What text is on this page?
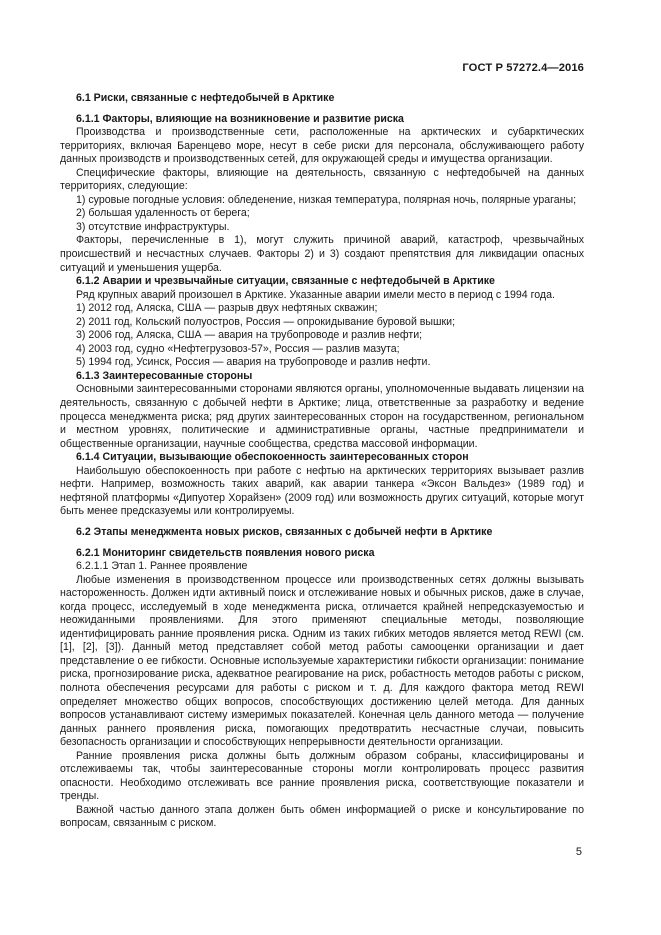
ГОСТ Р 57272.4—2016
6.1 Риски, связанные с нефтедобычей в Арктике
6.1.1 Факторы, влияющие на возникновение и развитие риска

Производства и производственные сети, расположенные на арктических и субарктических территориях, включая Баренцево море, несут в себе риски для персонала, обслуживающего работу данных производств и производственных сетей, для окружающей среды и имущества организации.

Специфические факторы, влияющие на деятельность, связанную с нефтедобычей на данных территориях, следующие:

1) суровые погодные условия: обледенение, низкая температура, полярная ночь, полярные ураганы;

2) большая удаленность от берега;

3) отсутствие инфраструктуры.

Факторы, перечисленные в 1), могут служить причиной аварий, катастроф, чрезвычайных происшествий и несчастных случаев. Факторы 2) и 3) создают препятствия для ликвидации опасных ситуаций и уменьшения ущерба.

6.1.2 Аварии и чрезвычайные ситуации, связанные с нефтедобычей в Арктике

Ряд крупных аварий произошел в Арктике. Указанные аварии имели место в период с 1994 года.

1) 2012 год, Аляска, США — разрыв двух нефтяных скважин;

2) 2011 год, Кольский полуостров, Россия — опрокидывание буровой вышки;

3) 2006 год, Аляска, США — авария на трубопроводе и разлив нефти;

4) 2003 год, судно «Нефтегрузовоз-57», Россия — разлив мазута;

5) 1994 год, Усинск, Россия — авария на трубопроводе и разлив нефти.

6.1.3 Заинтересованные стороны

Основными заинтересованными сторонами являются органы, уполномоченные выдавать лицензии на деятельность, связанную с добычей нефти в Арктике; лица, ответственные за разработку и ведение процесса менеджмента риска; ряд других заинтересованных сторон на государственном, региональном и местном уровнях, политические и административные органы, частные предприниматели и общественные организации, научные сообщества, средства массовой информации.

6.1.4 Ситуации, вызывающие обеспокоенность заинтересованных сторон

Наибольшую обеспокоенность при работе с нефтью на арктических территориях вызывает разлив нефти. Например, возможность таких аварий, как аварии танкера «Эксон Вальдез» (1989 год) и нефтяной платформы «Дипуотер Хорайзен» (2009 год) или возможность других ситуаций, которые могут быть менее предсказуемы или контролируемы.

6.2 Этапы менеджмента новых рисков, связанных с добычей нефти в Арктике
6.2.1 Мониторинг свидетельств появления нового риска

6.2.1.1 Этап 1. Раннее проявление

Любые изменения в производственном процессе или производственных сетях должны вызывать настороженность. Должен идти активный поиск и отслеживание новых и обычных рисков, даже в случае, когда процесс, исследуемый в ходе менеджмента риска, отличается крайней непредсказуемостью и неожиданными проявлениями. Для этого применяют специальные методы, позволяющие идентифицировать ранние проявления риска. Одним из таких гибких методов является метод REWI (см. [1], [2], [3]). Данный метод представляет собой метод работы самооценки организации и дает представление о ее гибкости. Основные используемые характеристики гибкости организации: понимание риска, прогнозирование риска, адекватное реагирование на риск, робастность методов работы с риском, полнота обеспечения ресурсами для работы с риском и т. д. Для каждого фактора метод REWI определяет множество общих вопросов, способствующих достижению целей метода. Для данных вопросов устанавливают систему измеримых показателей. Конечная цель данного метода — получение данных раннего проявления риска, помогающих предотвратить несчастные случаи, повысить безопасность организации и способствующих непрерывности деятельности организации.

Ранние проявления риска должны быть должным образом собраны, классифицированы и отслеживаемы так, чтобы заинтересованные стороны могли контролировать процесс развития опасности. Необходимо отслеживать все ранние проявления риска, соответствующие показатели и тренды.

Важной частью данного этапа должен быть обмен информацией о риске и консультирование по вопросам, связанным с риском.

5
